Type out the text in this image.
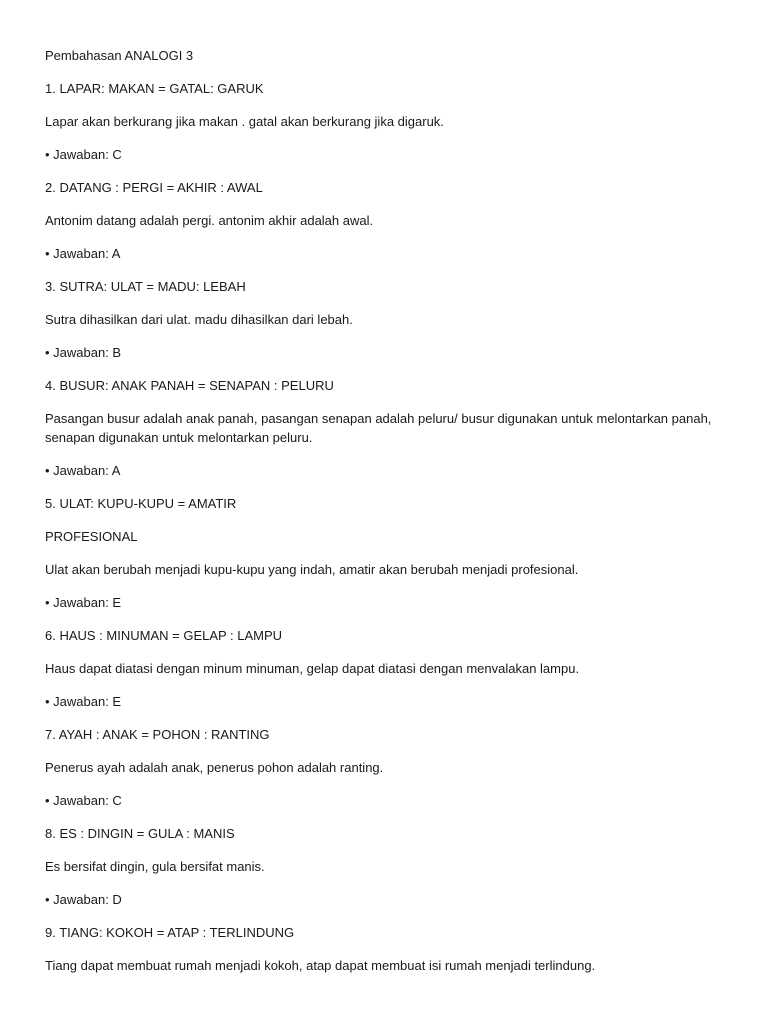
Pembahasan ANALOGI 3

1. LAPAR: MAKAN = GATAL: GARUK

Lapar akan berkurang jika makan . gatal akan berkurang jika digaruk.

• Jawaban: C

2. DATANG : PERGI = AKHIR : AWAL

Antonim datang adalah pergi. antonim akhir adalah awal.

• Jawaban: A

3. SUTRA: ULAT = MADU: LEBAH

Sutra dihasilkan dari ulat. madu dihasilkan dari lebah.

• Jawaban: B

4. BUSUR: ANAK PANAH = SENAPAN : PELURU

Pasangan busur adalah anak panah, pasangan senapan adalah peluru/ busur digunakan untuk melontarkan panah, senapan digunakan untuk melontarkan peluru.

• Jawaban: A

5. ULAT: KUPU-KUPU = AMATIR

PROFESIONAL

Ulat akan berubah menjadi kupu-kupu yang indah, amatir akan berubah menjadi profesional.

• Jawaban: E

6. HAUS : MINUMAN = GELAP : LAMPU

Haus dapat diatasi dengan minum minuman, gelap dapat diatasi dengan menvalakan lampu.

• Jawaban: E

7. AYAH : ANAK = POHON : RANTING

Penerus ayah adalah anak, penerus pohon adalah ranting.

• Jawaban: C

8. ES : DINGIN = GULA : MANIS

Es bersifat dingin, gula bersifat manis.

• Jawaban: D

9. TIANG: KOKOH = ATAP : TERLINDUNG

Tiang dapat membuat rumah menjadi kokoh, atap dapat membuat isi rumah menjadi terlindung.
